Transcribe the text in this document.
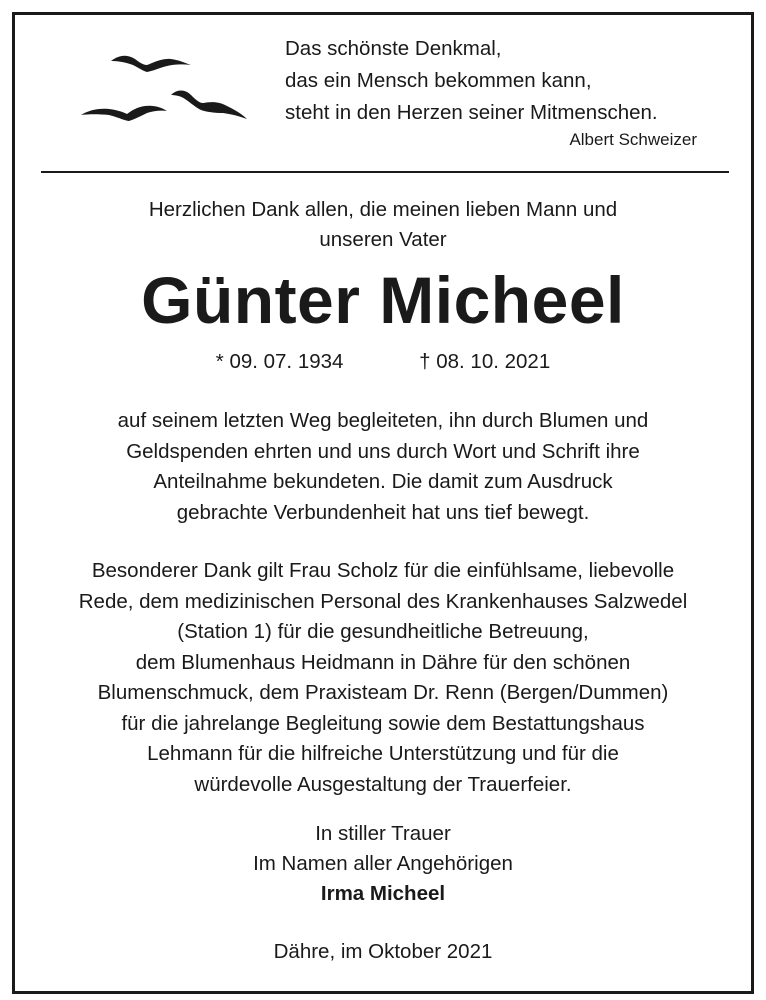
Das schönste Denkmal,
das ein Mensch bekommen kann,
steht in den Herzen seiner Mitmenschen.
Albert Schweizer
Herzlichen Dank allen, die meinen lieben Mann und
unseren Vater
Günter Micheel
* 09. 07. 1934	† 08. 10. 2021
auf seinem letzten Weg begleiteten, ihn durch Blumen und
Geldspenden ehrten und uns durch Wort und Schrift ihre
Anteilnahme bekundeten. Die damit zum Ausdruck
gebrachte Verbundenheit hat uns tief bewegt.
Besonderer Dank gilt Frau Scholz für die einfühlsame, liebevolle
Rede, dem medizinischen Personal des Krankenhauses Salzwedel
(Station 1) für die gesundheitliche Betreuung,
dem Blumenhaus Heidmann in Dähre für den schönen
Blumenschmuck, dem Praxisteam Dr. Renn (Bergen/Dummen)
für die jahrelange Begleitung sowie dem Bestattungshaus
Lehmann für die hilfreiche Unterstützung und für die
würdevolle Ausgestaltung der Trauerfeier.
In stiller Trauer
Im Namen aller Angehörigen
Irma Micheel
Dähre, im Oktober 2021
